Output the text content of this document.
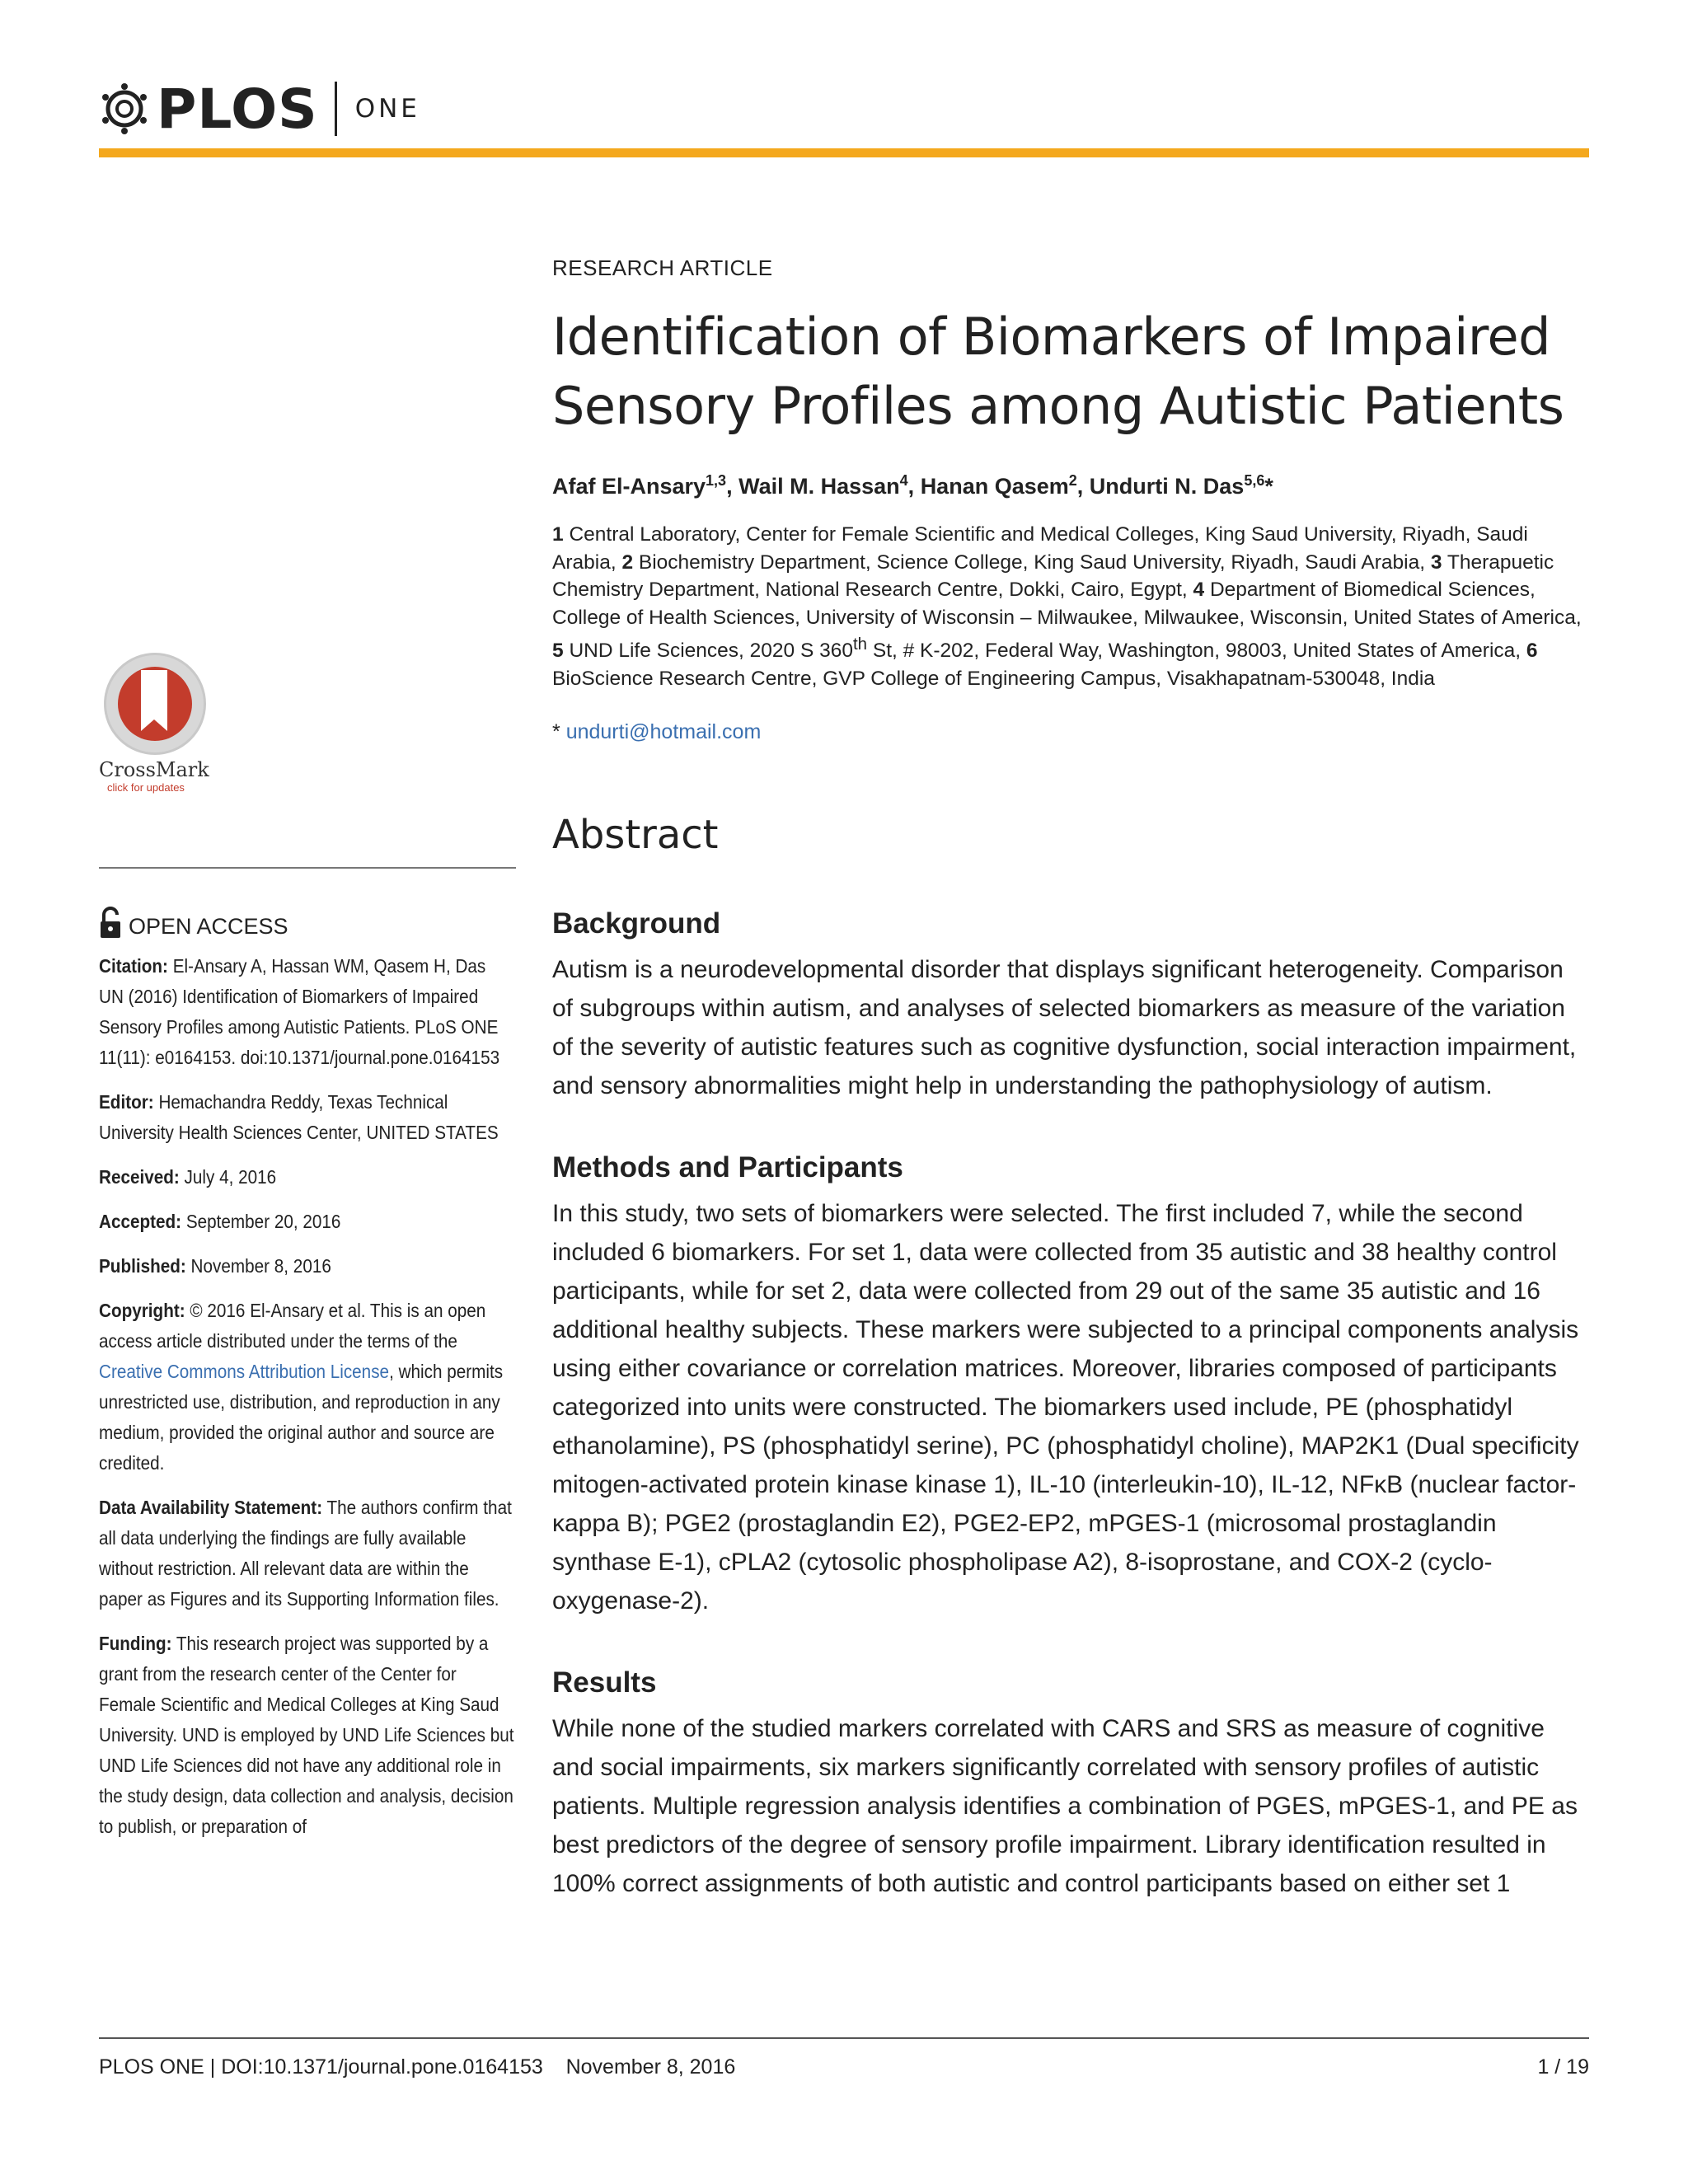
PLOS ONE
CrossMark
click for updates
OPEN ACCESS

Citation: El-Ansary A, Hassan WM, Qasem H, Das UN (2016) Identification of Biomarkers of Impaired Sensory Profiles among Autistic Patients. PLoS ONE 11(11): e0164153. doi:10.1371/journal.pone.0164153

Editor: Hemachandra Reddy, Texas Technical University Health Sciences Center, UNITED STATES

Received: July 4, 2016

Accepted: September 20, 2016

Published: November 8, 2016

Copyright: © 2016 El-Ansary et al. This is an open access article distributed under the terms of the Creative Commons Attribution License, which permits unrestricted use, distribution, and reproduction in any medium, provided the original author and source are credited.

Data Availability Statement: The authors confirm that all data underlying the findings are fully available without restriction. All relevant data are within the paper as Figures and its Supporting Information files.

Funding: This research project was supported by a grant from the research center of the Center for Female Scientific and Medical Colleges at King Saud University. UND is employed by UND Life Sciences but UND Life Sciences did not have any additional role in the study design, data collection and analysis, decision to publish, or preparation of

RESEARCH ARTICLE

Identification of Biomarkers of Impaired
Sensory Profiles among Autistic Patients
Afaf El-Ansary$^{1,3}$, Wail M. Hassan$^4$, Hanan Qasem$^2$, Undurti N. Das$^{5,6}$*
1 Central Laboratory, Center for Female Scientific and Medical Colleges, King Saud University, Riyadh, Saudi Arabia, 2 Biochemistry Department, Science College, King Saud University, Riyadh, Saudi Arabia, 3 Therapuetic Chemistry Department, National Research Centre, Dokki, Cairo, Egypt, 4 Department of Biomedical Sciences, College of Health Sciences, University of Wisconsin – Milwaukee, Milwaukee, Wisconsin, United States of America, 5 UND Life Sciences, 2020 S 360th St, # K-202, Federal Way, Washington, 98003, United States of America, 6 BioScience Research Centre, GVP College of Engineering Campus, Visakhapatnam-530048, India
* undurti@hotmail.com
Abstract
Background

Autism is a neurodevelopmental disorder that displays significant heterogeneity. Comparison of subgroups within autism, and analyses of selected biomarkers as measure of the variation of the severity of autistic features such as cognitive dysfunction, social interaction impairment, and sensory abnormalities might help in understanding the pathophysiology of autism.

Methods and Participants

In this study, two sets of biomarkers were selected. The first included 7, while the second included 6 biomarkers. For set 1, data were collected from 35 autistic and 38 healthy control participants, while for set 2, data were collected from 29 out of the same 35 autistic and 16 additional healthy subjects. These markers were subjected to a principal components analysis using either covariance or correlation matrices. Moreover, libraries composed of participants categorized into units were constructed. The biomarkers used include, PE (phosphatidyl ethanolamine), PS (phosphatidyl serine), PC (phosphatidyl choline), MAP2K1 (Dual specificity mitogen-activated protein kinase kinase 1), IL-10 (interleukin-10), IL-12, NFκB (nuclear factor-κappa B); PGE2 (prostaglandin E2), PGE2-EP2, mPGES-1 (microsomal prostaglandin synthase E-1), cPLA2 (cytosolic phospholipase A2), 8-isoprostane, and COX-2 (cyclo-oxygenase-2).

Results

While none of the studied markers correlated with CARS and SRS as measure of cognitive and social impairments, six markers significantly correlated with sensory profiles of autistic patients. Multiple regression analysis identifies a combination of PGES, mPGES-1, and PE as best predictors of the degree of sensory profile impairment. Library identification resulted in 100% correct assignments of both autistic and control participants based on either set 1

PLOS ONE | DOI:10.1371/journal.pone.0164153 November 8, 2016	1 / 19
